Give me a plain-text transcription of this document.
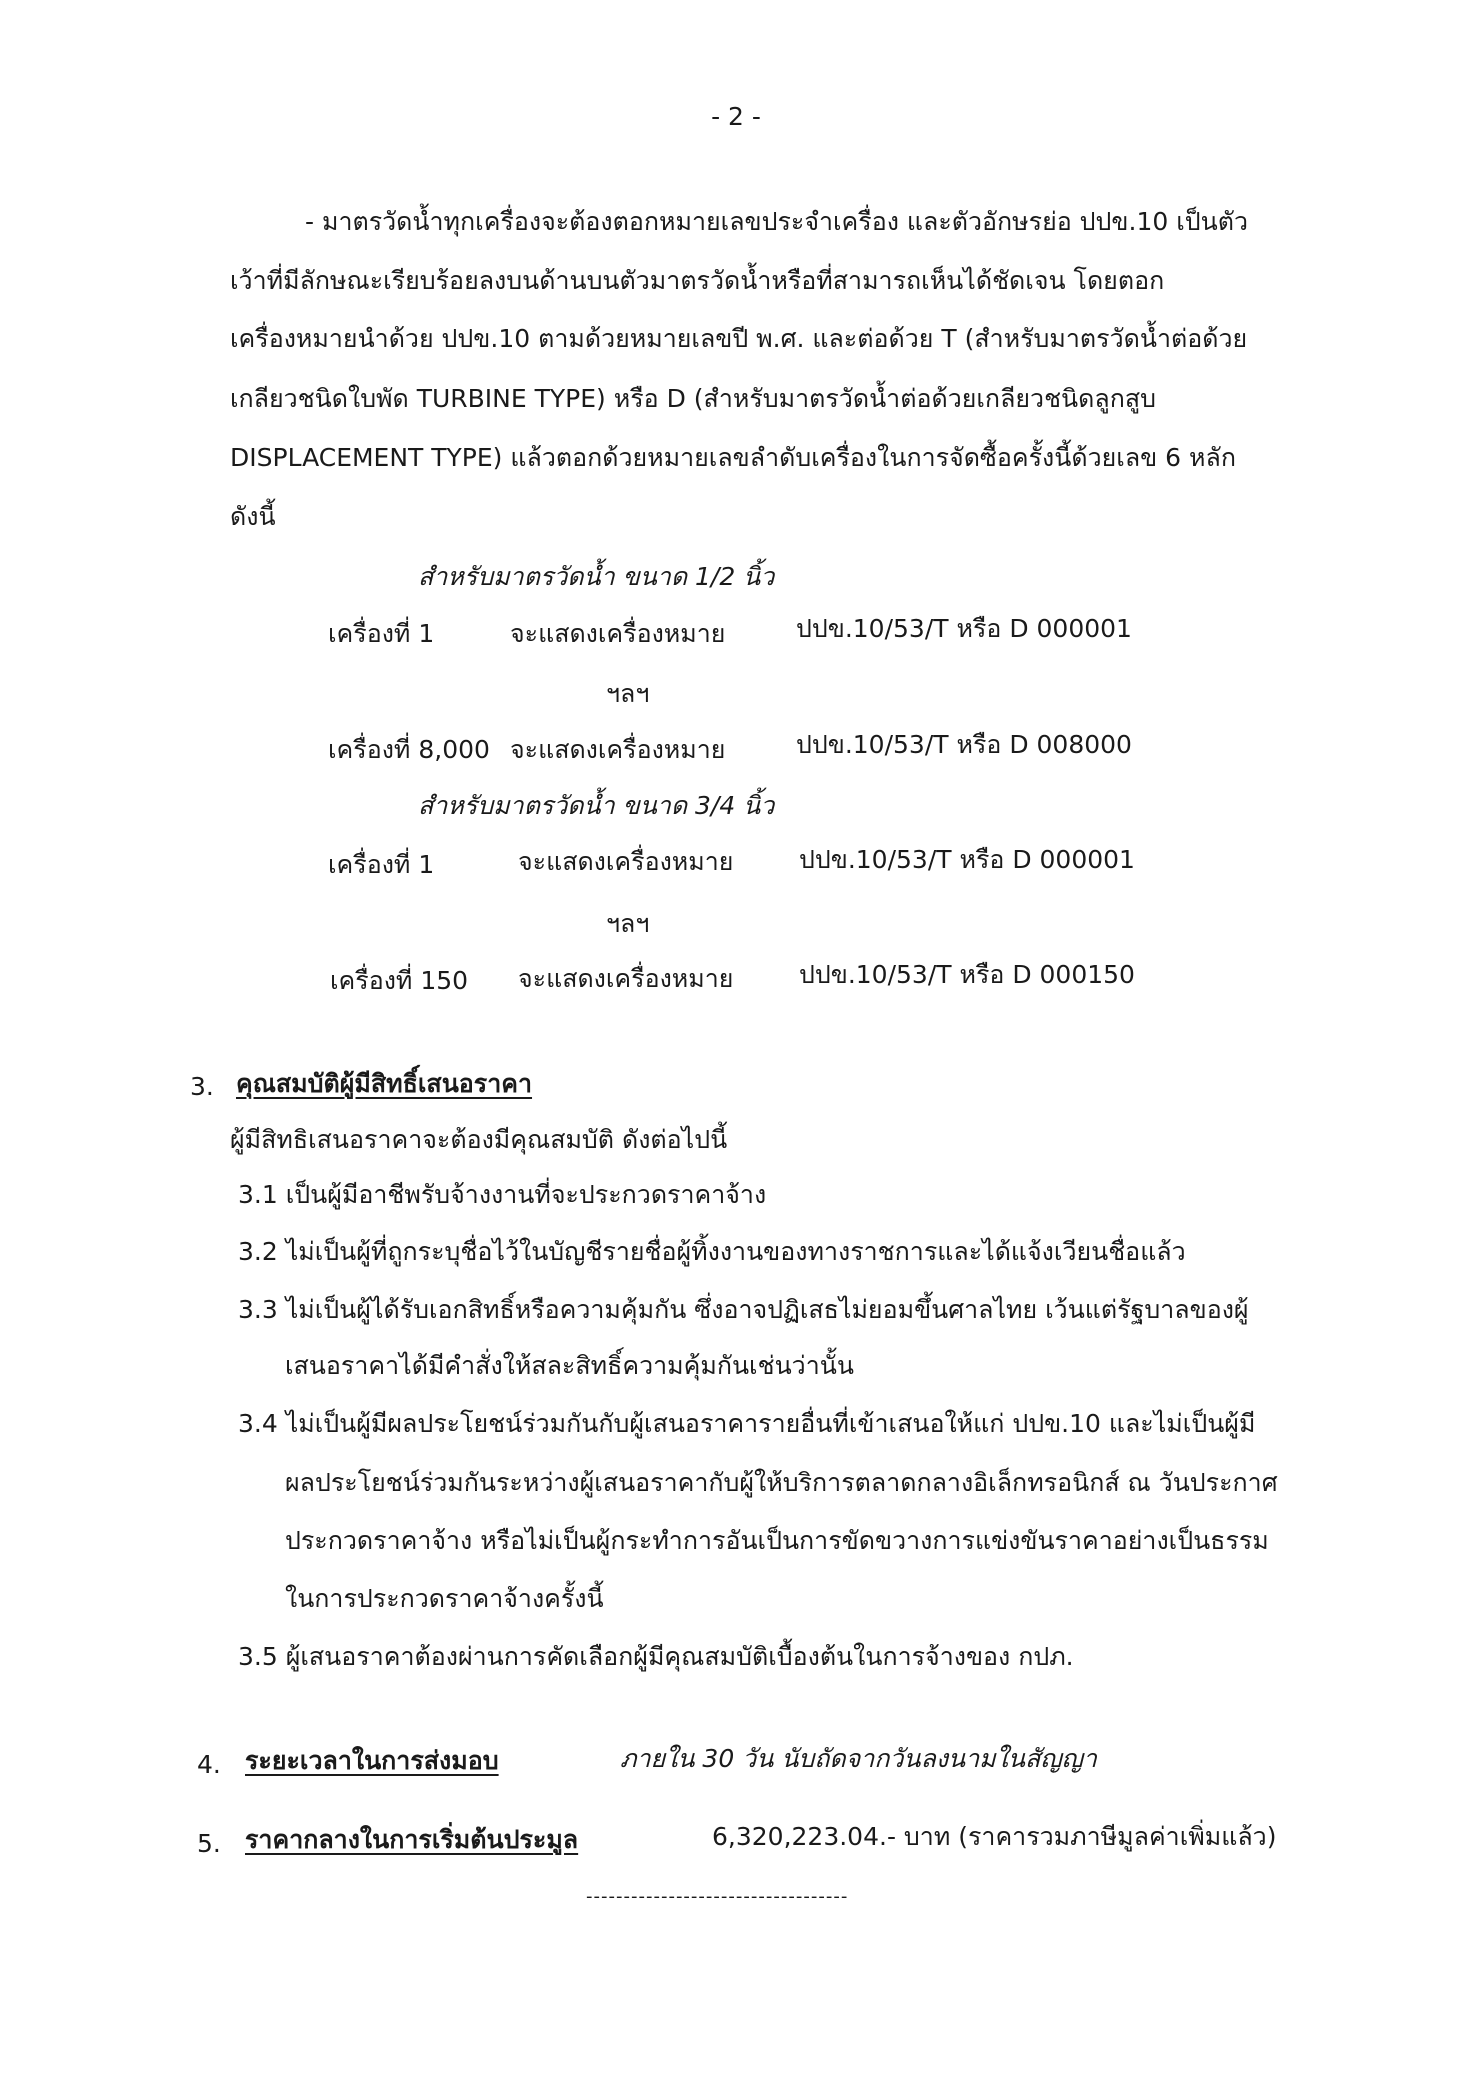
- 2 -
- มาตรวัดน้ำทุกเครื่องจะต้องตอกหมายเลขประจำเครื่อง และตัวอักษรย่อ ปปข.10 เป็นตัว
เว้าที่มีลักษณะเรียบร้อยลงบนด้านบนตัวมาตรวัดน้ำหรือที่สามารถเห็นได้ชัดเจน โดยตอก
เครื่องหมายนำด้วย ปปข.10 ตามด้วยหมายเลขปี พ.ศ. และต่อด้วย T (สำหรับมาตรวัดน้ำต่อด้วย
เกลียวชนิดใบพัด TURBINE TYPE) หรือ D (สำหรับมาตรวัดน้ำต่อด้วยเกลียวชนิดลูกสูบ
DISPLACEMENT TYPE) แล้วตอกด้วยหมายเลขลำดับเครื่องในการจัดซื้อครั้งนี้ด้วยเลข 6 หลัก
ดังนี้
สำหรับมาตรวัดน้ำ ขนาด 1/2 นิ้ว
เครื่องที่ 1	จะแสดงเครื่องหมาย	ปปข.10/53/T หรือ D 000001
ฯลฯ
เครื่องที่ 8,000 จะแสดงเครื่องหมาย	ปปข.10/53/T หรือ D 008000
สำหรับมาตรวัดน้ำ ขนาด 3/4 นิ้ว
เครื่องที่ 1	จะแสดงเครื่องหมาย	ปปข.10/53/T หรือ D 000001
ฯลฯ
เครื่องที่ 150 จะแสดงเครื่องหมาย	ปปข.10/53/T หรือ D 000150
3. คุณสมบัติผู้มีสิทธิ์เสนอราคา
ผู้มีสิทธิเสนอราคาจะต้องมีคุณสมบัติ ดังต่อไปนี้
3.1 เป็นผู้มีอาชีพรับจ้างงานที่จะประกวดราคาจ้าง
3.2 ไม่เป็นผู้ที่ถูกระบุชื่อไว้ในบัญชีรายชื่อผู้ทิ้งงานของทางราชการและได้แจ้งเวียนชื่อแล้ว
3.3 ไม่เป็นผู้ได้รับเอกสิทธิ์หรือความคุ้มกัน ซึ่งอาจปฏิเสธไม่ยอมขึ้นศาลไทย เว้นแต่รัฐบาลของผู้
เสนอราคาได้มีคำสั่งให้สละสิทธิ์ความคุ้มกันเช่นว่านั้น
3.4 ไม่เป็นผู้มีผลประโยชน์ร่วมกันกับผู้เสนอราคารายอื่นที่เข้าเสนอให้แก่ ปปข.10 และไม่เป็นผู้มี
ผลประโยชน์ร่วมกันระหว่างผู้เสนอราคากับผู้ให้บริการตลาดกลางอิเล็กทรอนิกส์ ณ วันประกาศ
ประกวดราคาจ้าง หรือไม่เป็นผู้กระทำการอันเป็นการขัดขวางการแข่งขันราคาอย่างเป็นธรรม
ในการประกวดราคาจ้างครั้งนี้
3.5 ผู้เสนอราคาต้องผ่านการคัดเลือกผู้มีคุณสมบัติเบื้องต้นในการจ้างของ กปภ.
4. ระยะเวลาในการส่งมอบ	ภายใน 30 วัน นับถัดจากวันลงนามในสัญญา
5. ราคากลางในการเริ่มต้นประมูล	6,320,223.04.- บาท (ราคารวมภาษีมูลค่าเพิ่มแล้ว)
-----------------------------------
